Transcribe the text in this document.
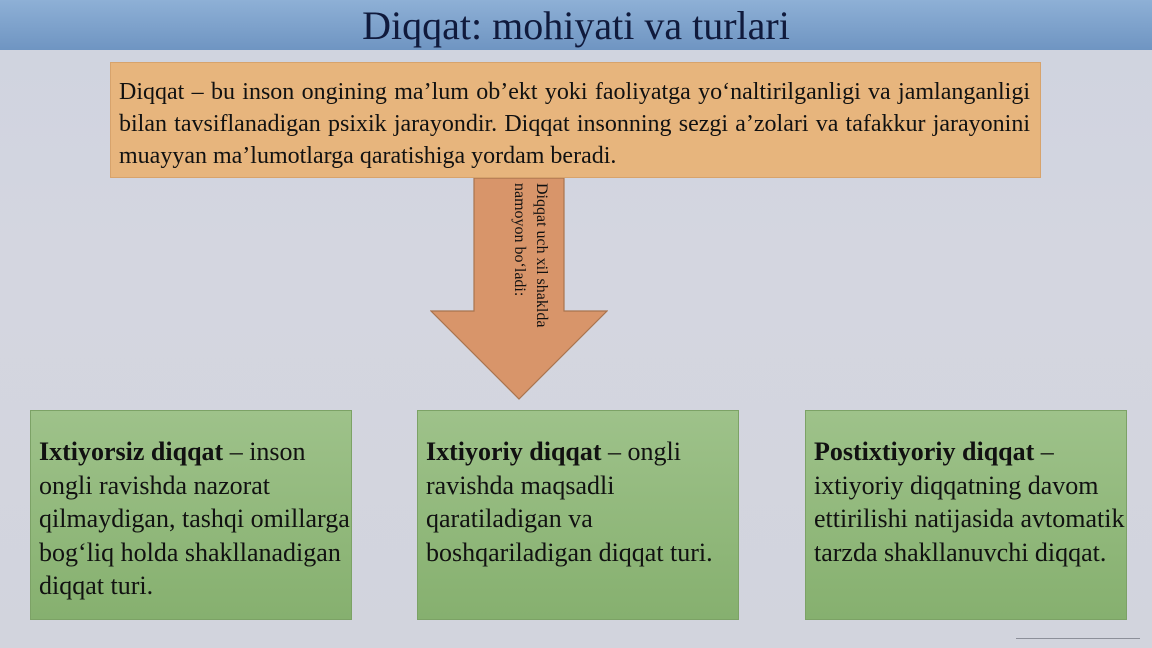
Diqqat: mohiyati va turlari
Diqqat – bu inson ongining ma’lum ob’ekt yoki faoliyatga yo‘naltirilganligi va jamlanganligi bilan tavsiflanadigan psixik jarayondir. Diqqat insonning sezgi a’zolari va tafakkur jarayonini muayyan ma’lumotlarga qaratishiga yordam beradi.
Diqqat uch xil shaklda namoyon bo‘ladi:
Ixtiyorsiz diqqat – inson ongli ravishda nazorat qilmaydigan, tashqi omillarga bog‘liq holda shakllanadigan diqqat turi.
Ixtiyoriy diqqat – ongli ravishda maqsadli qaratiladigan va boshqariladigan diqqat turi.
Postixtiyoriy diqqat – ixtiyoriy diqqatning davom ettirilishi natijasida avtomatik tarzda shakllanuvchi diqqat.
